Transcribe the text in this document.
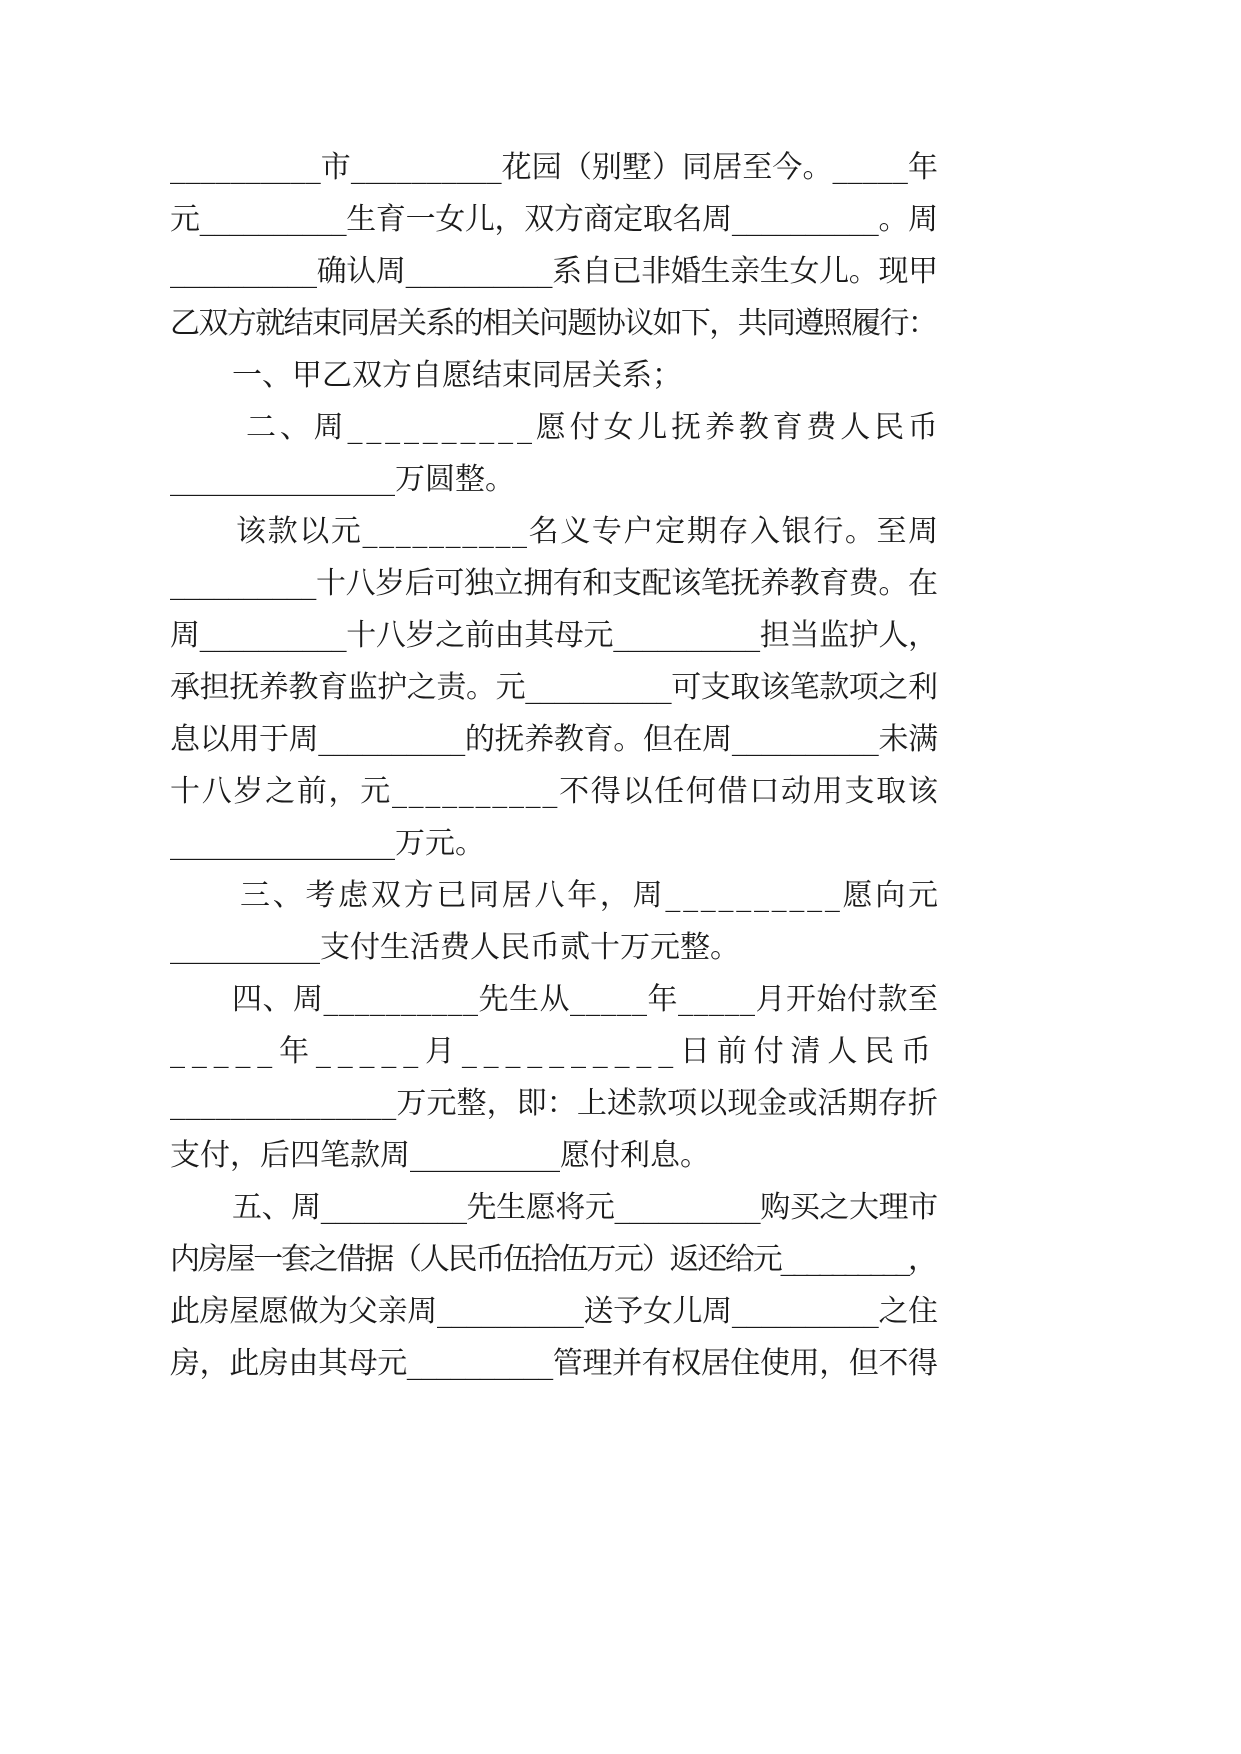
__________市__________花园（别墅）同居至今。_____年

元__________生育一女儿，双方商定取名周__________。周

__________确认周__________系自已非婚生亲生女儿。现甲

乙双方就结束同居关系的相关问题协议如下，共同遵照履行：

一、甲乙双方自愿结束同居关系；

二、周__________愿付女儿抚养教育费人民币

_______________万圆整。

该款以元__________名义专户定期存入银行。至周

__________十八岁后可独立拥有和支配该笔抚养教育费。在

周__________十八岁之前由其母元__________担当监护人，

承担抚养教育监护之责。元__________可支取该笔款项之利

息以用于周__________的抚养教育。但在周__________未满

十八岁之前，元__________不得以任何借口动用支取该

_______________万元。

三、考虑双方已同居八年，周__________愿向元

__________支付生活费人民币贰十万元整。

四、周__________先生从_____年_____月开始付款至

_____年_____月__________日前付清人民币

_______________万元整，即：上述款项以现金或活期存折

支付，后四笔款周__________愿付利息。

五、周__________先生愿将元__________购买之大理市

内房屋一套之借据（人民币伍拾伍万元）返还给元__________，

此房屋愿做为父亲周__________送予女儿周__________之住

房，此房由其母元__________管理并有权居住使用，但不得
